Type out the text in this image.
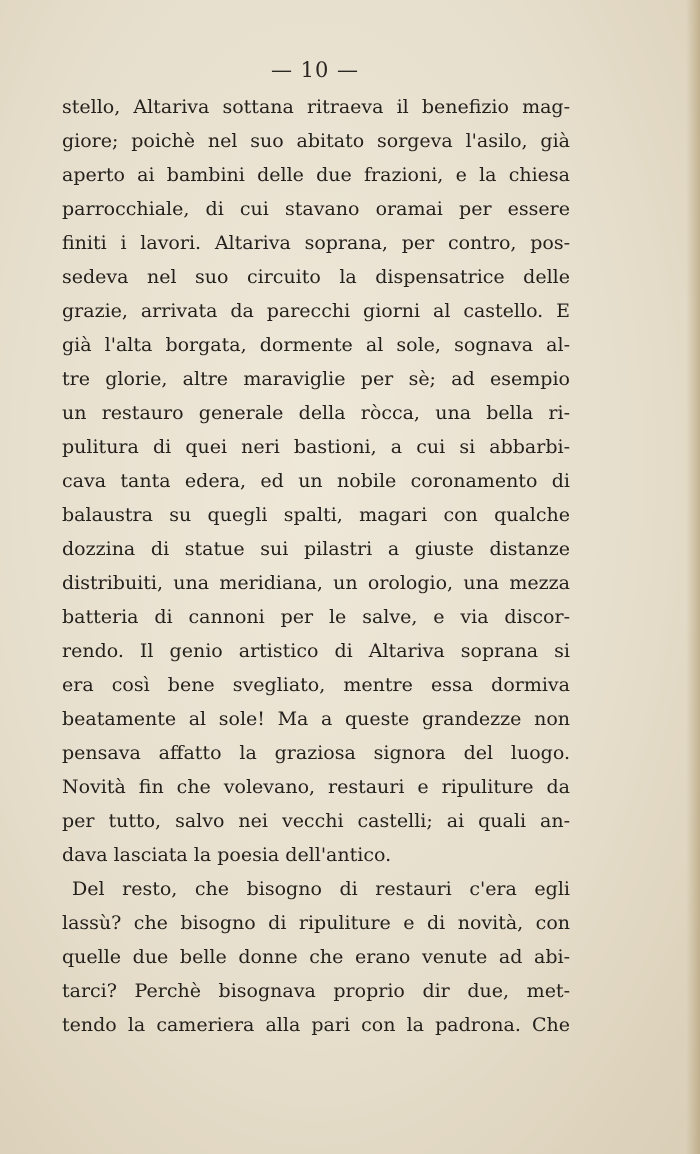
— 10 —
stello, Altariva sottana ritraeva il benefizio mag-
giore; poichè nel suo abitato sorgeva l'asilo, già
aperto ai bambini delle due frazioni, e la chiesa
parrocchiale, di cui stavano oramai per essere
finiti i lavori. Altariva soprana, per contro, pos-
sedeva nel suo circuito la dispensatrice delle
grazie, arrivata da parecchi giorni al castello. E
già l'alta borgata, dormente al sole, sognava al-
tre glorie, altre maraviglie per sè; ad esempio
un restauro generale della ròcca, una bella ri-
pulitura di quei neri bastioni, a cui si abbarbi-
cava tanta edera, ed un nobile coronamento di
balaustra su quegli spalti, magari con qualche
dozzina di statue sui pilastri a giuste distanze
distribuiti, una meridiana, un orologio, una mezza
batteria di cannoni per le salve, e via discor-
rendo. Il genio artistico di Altariva soprana si
era così bene svegliato, mentre essa dormiva
beatamente al sole! Ma a queste grandezze non
pensava affatto la graziosa signora del luogo.
Novità fin che volevano, restauri e ripuliture da
per tutto, salvo nei vecchi castelli; ai quali an-
dava lasciata la poesia dell'antico.
Del resto, che bisogno di restauri c'era egli
lassù? che bisogno di ripuliture e di novità, con
quelle due belle donne che erano venute ad abi-
tarci? Perchè bisognava proprio dir due, met-
tendo la cameriera alla pari con la padrona. Che
